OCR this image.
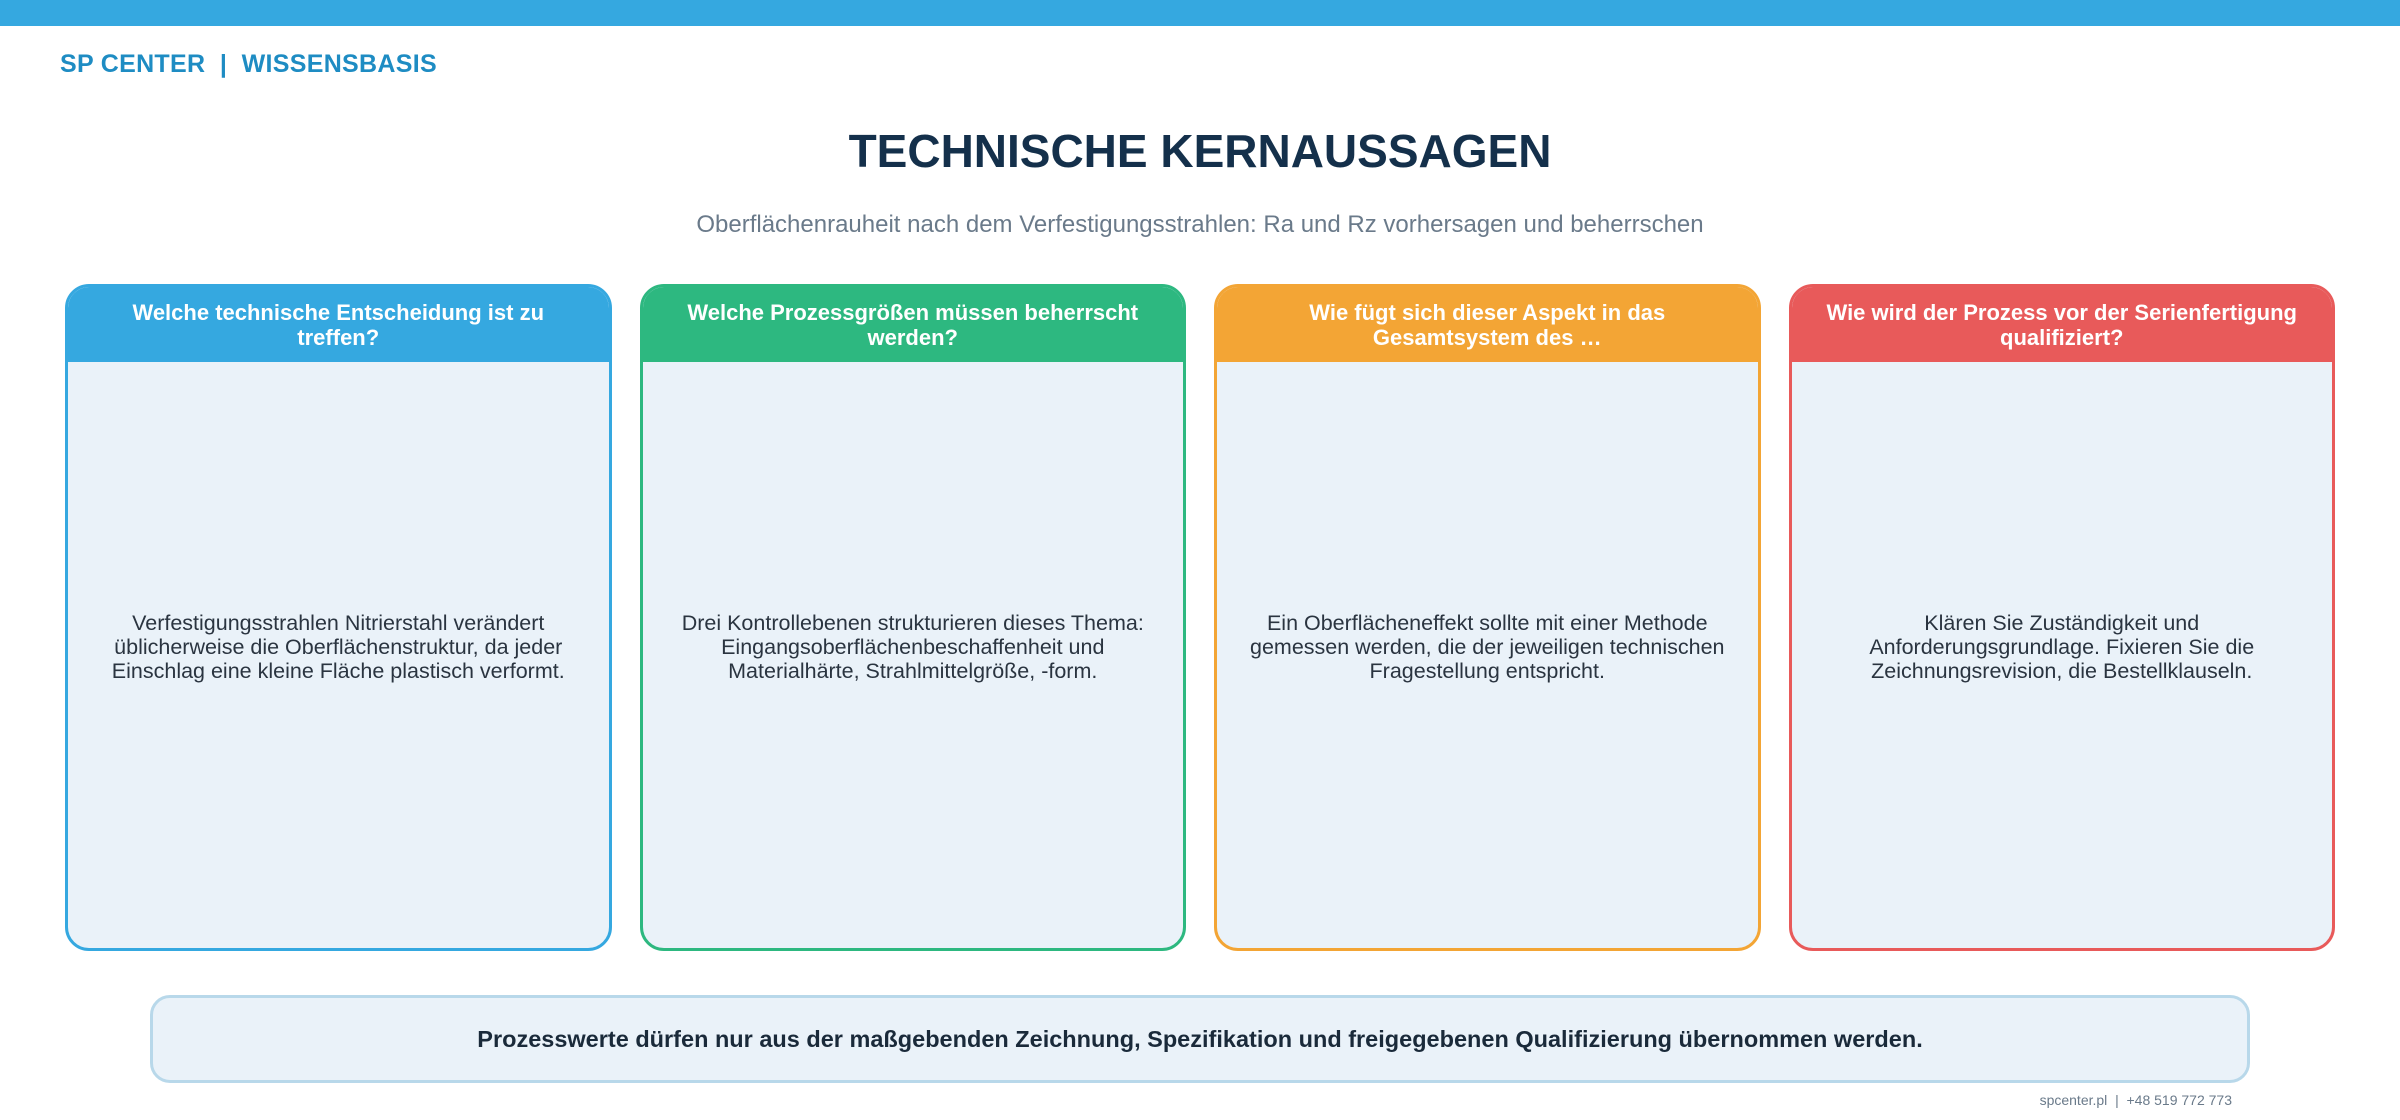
SP CENTER | WISSENSBASIS
TECHNISCHE KERNAUSSAGEN
Oberflächenrauheit nach dem Verfestigungsstrahlen: Ra und Rz vorhersagen und beherrschen
Welche technische Entscheidung ist zu treffen?
Verfestigungsstrahlen Nitrierstahl verändert üblicherweise die Oberflächenstruktur, da jeder Einschlag eine kleine Fläche plastisch verformt.
Welche Prozessgrößen müssen beherrscht werden?
Drei Kontrollebenen strukturieren dieses Thema: Eingangsoberflächenbeschaffenheit und Materialhärte, Strahlmittelgröße, -form.
Wie fügt sich dieser Aspekt in das Gesamtsystem des …
Ein Oberflächeneffekt sollte mit einer Methode gemessen werden, die der jeweiligen technischen Fragestellung entspricht.
Wie wird der Prozess vor der Serienfertigung qualifiziert?
Klären Sie Zuständigkeit und Anforderungsgrundlage. Fixieren Sie die Zeichnungsrevision, die Bestellklauseln.
Prozesswerte dürfen nur aus der maßgebenden Zeichnung, Spezifikation und freigegebenen Qualifizierung übernommen werden.
spcenter.pl | +48 519 772 773
